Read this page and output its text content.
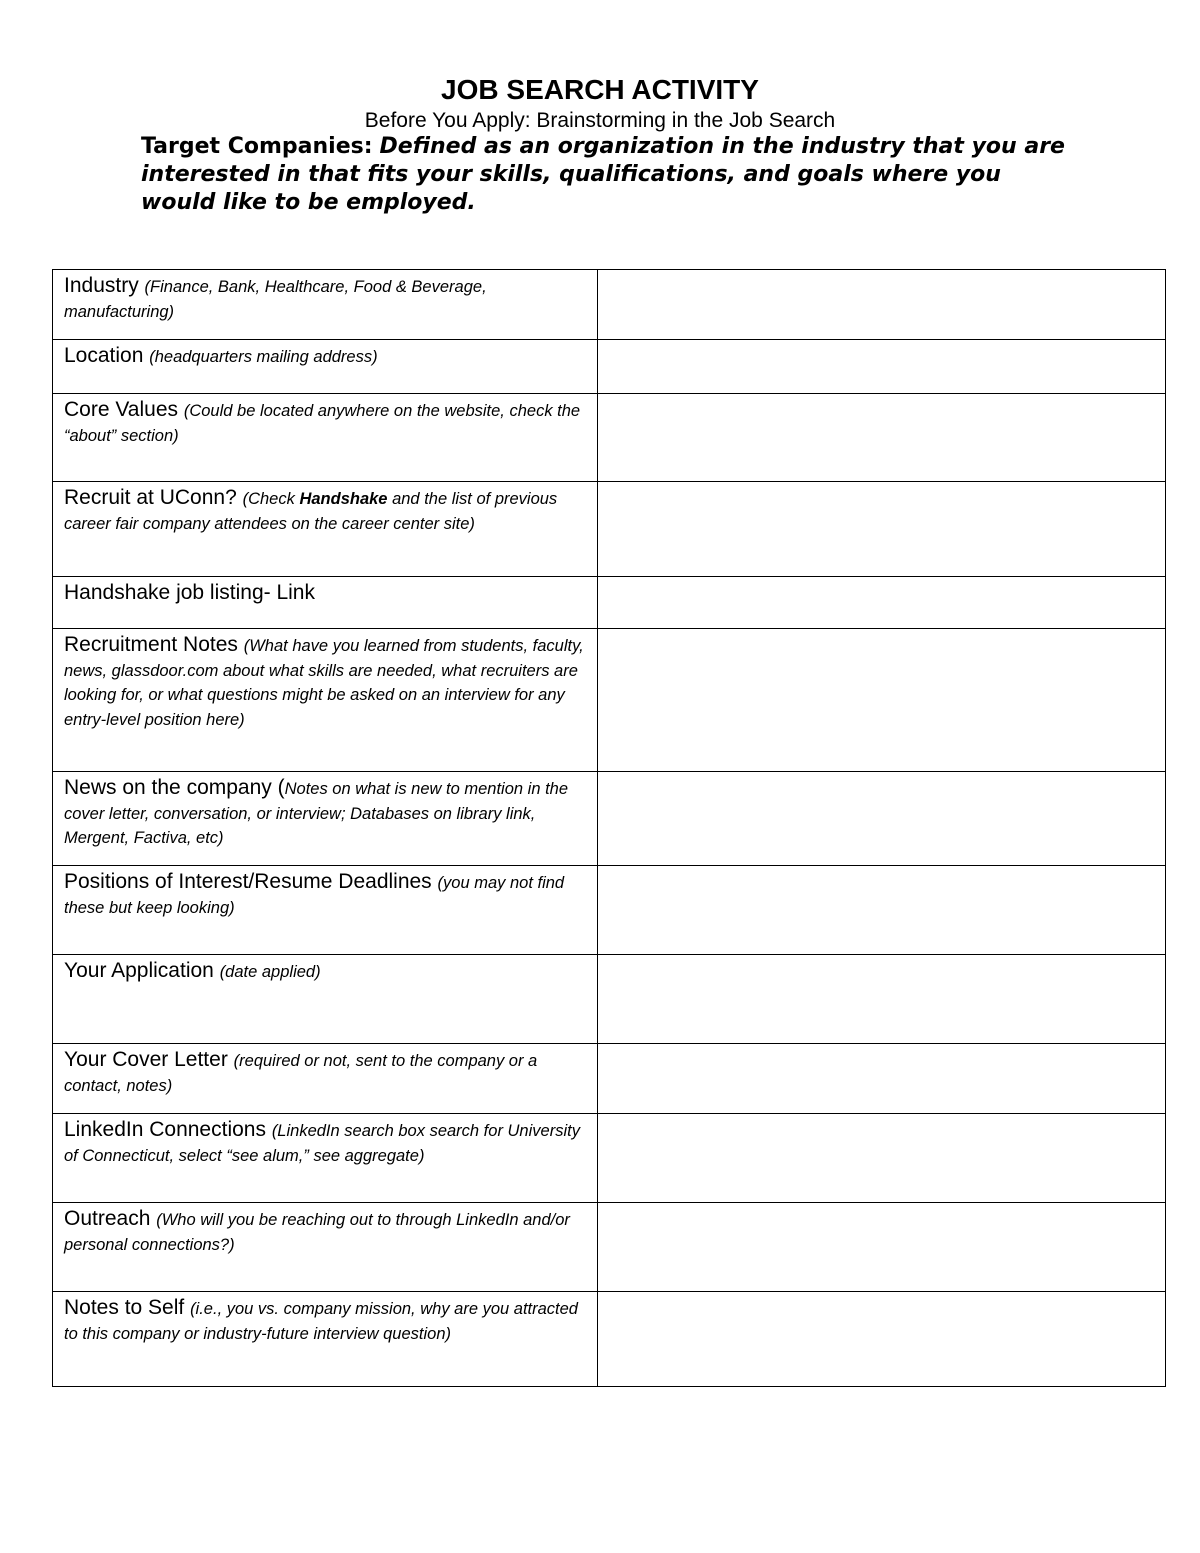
JOB SEARCH ACTIVITY
Before You Apply: Brainstorming in the Job Search
Target Companies: Defined as an organization in the industry that you are interested in that fits your skills, qualifications, and goals where you would like to be employed.
Industry (Finance, Bank, Healthcare, Food & Beverage, manufacturing)	
Location (headquarters mailing address)	
Core Values (Could be located anywhere on the website, check the “about” section)	
Recruit at UConn? (Check Handshake and the list of previous career fair company attendees on the career center site)	
Handshake job listing- Link	
Recruitment Notes (What have you learned from students, faculty, news, glassdoor.com about what skills are needed, what recruiters are looking for, or what questions might be asked on an interview for any entry-level position here)	
News on the company (Notes on what is new to mention in the cover letter, conversation, or interview; Databases on library link, Mergent, Factiva, etc)	
Positions of Interest/Resume Deadlines (you may not find these but keep looking)	
Your Application (date applied)	
Your Cover Letter (required or not, sent to the company or a contact, notes)	
LinkedIn Connections (LinkedIn search box search for University of Connecticut, select “see alum,” see aggregate)	
Outreach (Who will you be reaching out to through LinkedIn and/or personal connections?)	
Notes to Self (i.e., you vs. company mission, why are you attracted to this company or industry-future interview question)	
